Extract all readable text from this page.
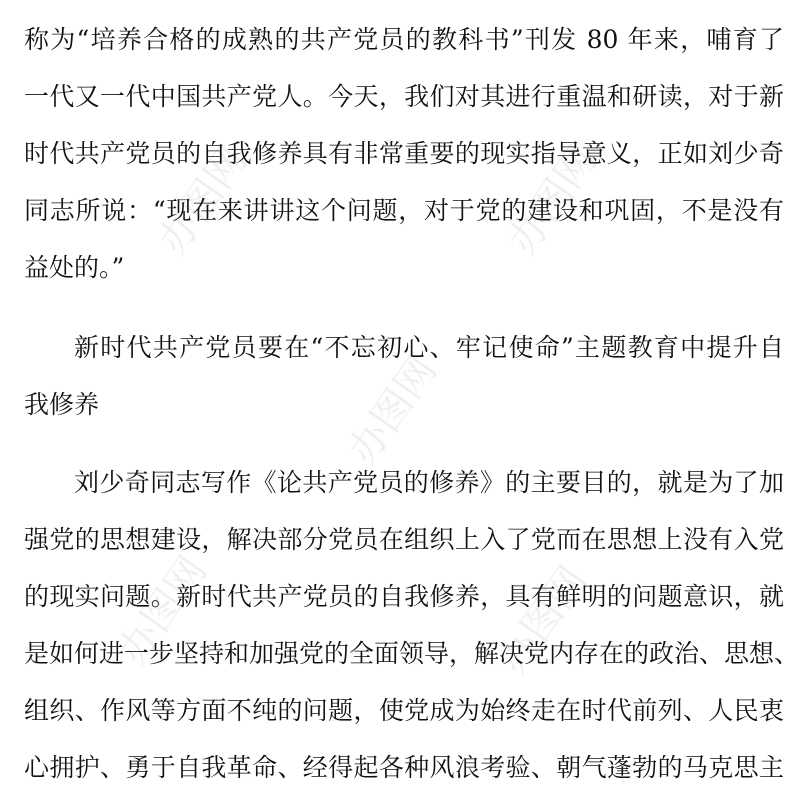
办图网	办图网
办图网
办图网	办图网
称为“培养合格的成熟的共产党员的教科书”刊发 80 年来，哺育了
一代又一代中国共产党人。今天，我们对其进行重温和研读，对于新
时代共产党员的自我修养具有非常重要的现实指导意义，正如刘少奇
同志所说：“现在来讲讲这个问题，对于党的建设和巩固，不是没有
益处的。”
新时代共产党员要在“不忘初心、牢记使命”主题教育中提升自
我修养
刘少奇同志写作《论共产党员的修养》的主要目的，就是为了加
强党的思想建设，解决部分党员在组织上入了党而在思想上没有入党
的现实问题。新时代共产党员的自我修养，具有鲜明的问题意识，就
是如何进一步坚持和加强党的全面领导，解决党内存在的政治、思想、
组织、作风等方面不纯的问题，使党成为始终走在时代前列、人民衷
心拥护、勇于自我革命、经得起各种风浪考验、朝气蓬勃的马克思主
